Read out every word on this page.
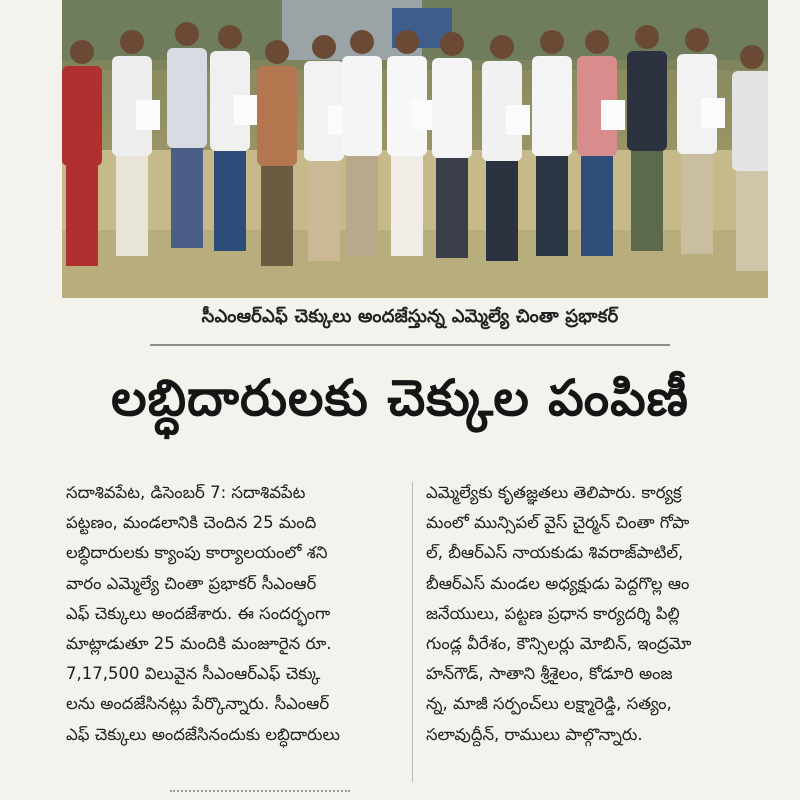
సీఎంఆర్ఎఫ్ చెక్కులు అందజేస్తున్న ఎమ్మెల్యే చింతా ప్రభాకర్
లబ్ధిదారులకు చెక్కుల పంపిణీ
సదాశివపేట, డిసెంబర్ 7: సదాశివపేట
పట్టణం, మండలానికి చెందిన 25 మంది
లబ్ధిదారులకు క్యాంపు కార్యాలయంలో శని
వారం ఎమ్మెల్యే చింతా ప్రభాకర్ సీఎంఆర్
ఎఫ్ చెక్కులు అందజేశారు. ఈ సందర్భంగా
మాట్లాడుతూ 25 మందికి మంజూరైన రూ.
7,17,500 విలువైన సీఎంఆర్ఎఫ్ చెక్కు
లను అందజేసినట్లు పేర్కొన్నారు. సీఎంఆర్
ఎఫ్ చెక్కులు అందజేసినందుకు లబ్ధిదారులు
ఎమ్మెల్యేకు కృతజ్ఞతలు తెలిపారు. కార్యక్ర
మంలో మున్సిపల్ వైస్ చైర్మన్ చింతా గోపా
ల్, బీఆర్ఎస్ నాయకుడు శివరాజ్‌పాటిల్,
బీఆర్ఎస్ మండల అధ్యక్షుడు పెద్దగొల్ల ఆం
జనేయులు, పట్టణ ప్రధాన కార్యదర్శి పిల్లి
గుండ్ల వీరేశం, కౌన్సిలర్లు మోబిన్, ఇంద్రమో
హన్‌గౌడ్, సాతాని శ్రీశైలం, కోడూరి అంజ
న్న, మాజీ సర్పంచ్‌లు లక్ష్మారెడ్డి, సత్యం,
సలావుద్దీన్, రాములు పాల్గొన్నారు.
